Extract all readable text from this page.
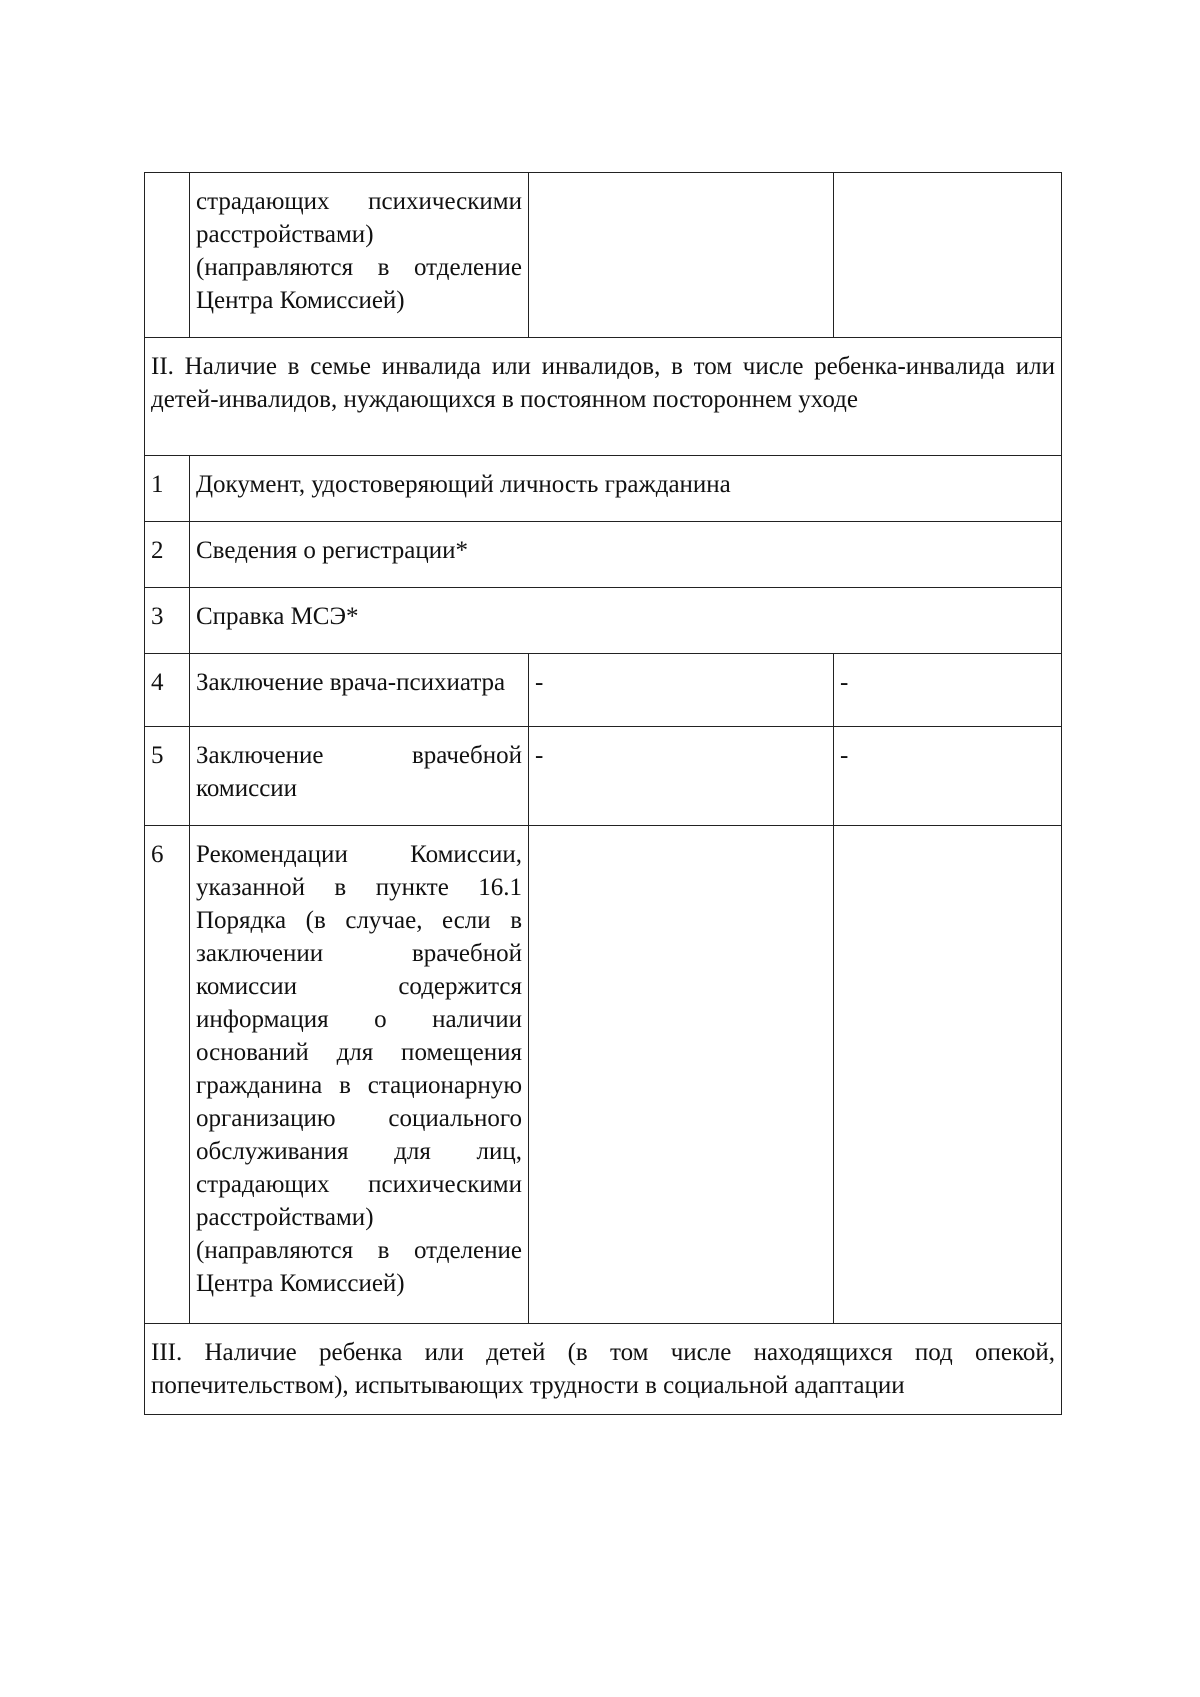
	страдающих психическими расстройствами) (направляются в отделение Центра Комиссией)		
II. Наличие в семье инвалида или инвалидов, в том числе ребенка-инвалида или детей-инвалидов, нуждающихся в постоянном постороннем уходе			
1	Документ, удостоверяющий личность гражданина		
2	Сведения о регистрации*		
3	Справка МСЭ*		
4	Заключение врача-психиатра	-	-
5	Заключение врачебной комиссии	-	-
6	Рекомендации Комиссии, указанной в пункте 16.1 Порядка (в случае, если в заключении врачебной комиссии содержится информация о наличии оснований для помещения гражданина в стационарную организацию социального обслуживания для лиц, страдающих психическими расстройствами) (направляются в отделение Центра Комиссией)		
III. Наличие ребенка или детей (в том числе находящихся под опекой, попечительством), испытывающих трудности в социальной адаптации			
